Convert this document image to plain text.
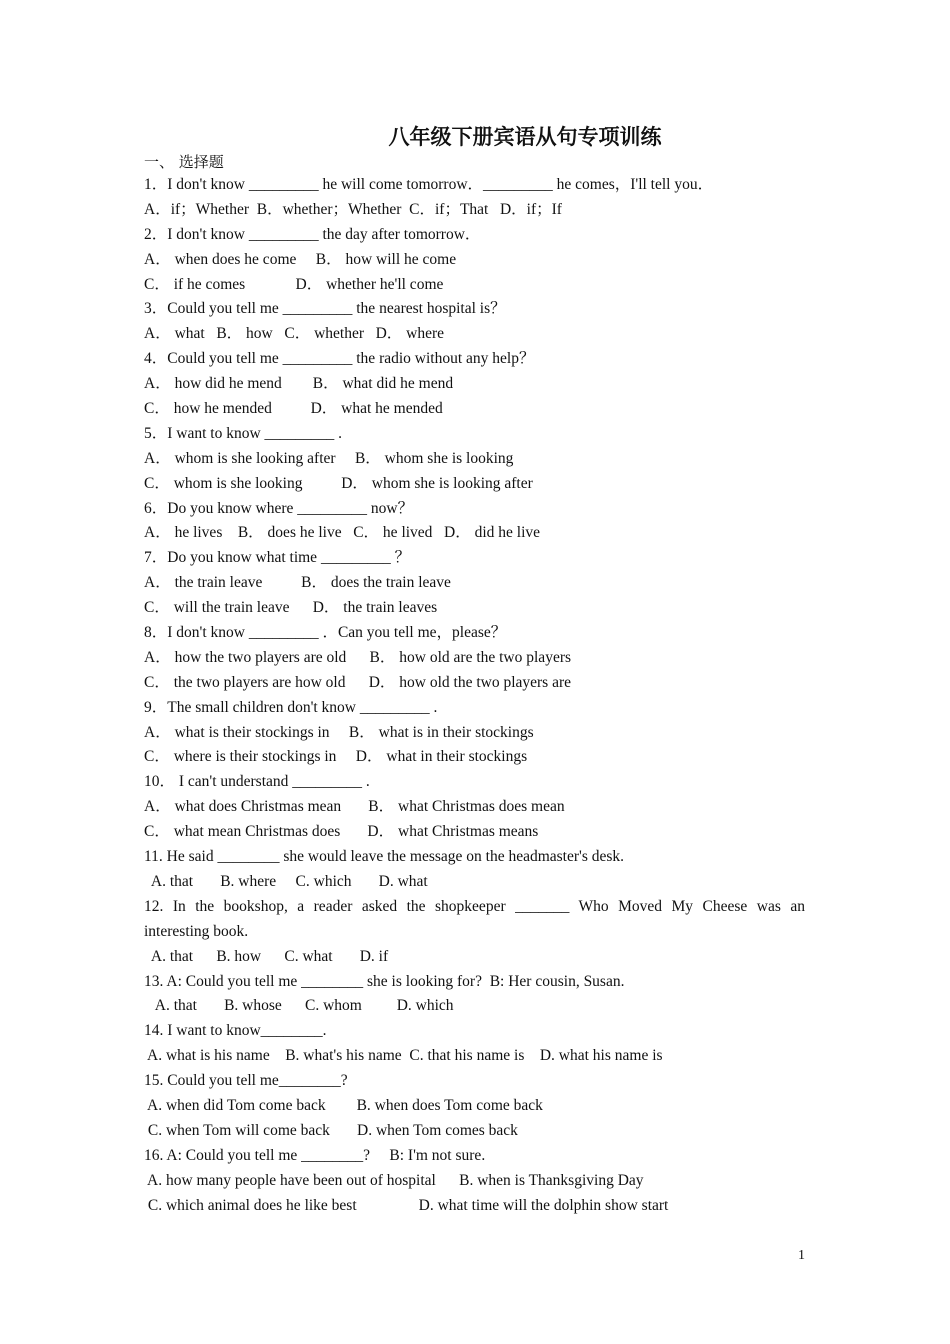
八年级下册宾语从句专项训练
一、 选择题
1．I don't know _________ he will come tomorrow．_________ he comes，I'll tell you．
A．if；Whether  B．whether；Whether  C．if；That   D．if；If
2．I don't know _________ the day after tomorrow．
A． when does he come     B． how will he come
C． if he comes             D． whether he'll come
3．Could you tell me _________ the nearest hospital is？
A． what   B． how   C． whether   D． where
4．Could you tell me _________ the radio without any help？
A． how did he mend        B． what did he mend
C． how he mended          D． what he mended
5．I want to know _________ .
A． whom is she looking after     B． whom she is looking
C． whom is she looking          D． whom she is looking after
6．Do you know where _________ now？
A． he lives    B． does he live   C． he lived   D． did he live
7．Do you know what time _________ ？
A． the train leave          B． does the train leave
C． will the train leave      D． the train leaves
8．I don't know _________ ．Can you tell me，please？
A． how the two players are old      B． how old are the two players
C． the two players are how old      D． how old the two players are
9．The small children don't know _________ .
A． what is their stockings in     B． what is in their stockings
C． where is their stockings in     D． what in their stockings
10． I can't understand _________ .
A． what does Christmas mean       B． what Christmas does mean
C． what mean Christmas does       D． what Christmas means
11. He said ________ she would leave the message on the headmaster's desk.
A. that       B. where     C. which       D. what
12. In the bookshop, a reader asked the shopkeeper _______ Who Moved My Cheese was an
interesting book.
A. that      B. how      C. what       D. if
13. A: Could you tell me ________ she is looking for?  B: Her cousin, Susan.
A. that       B. whose      C. whom         D. which
14. I want to know________.
A. what is his name    B. what's his name  C. that his name is    D. what his name is
15. Could you tell me________?
A. when did Tom come back        B. when does Tom come back
C. when Tom will come back       D. when Tom comes back
16. A: Could you tell me ________?     B: I'm not sure.
A. how many people have been out of hospital      B. when is Thanksgiving Day
C. which animal does he like best                D. what time will the dolphin show start
1
